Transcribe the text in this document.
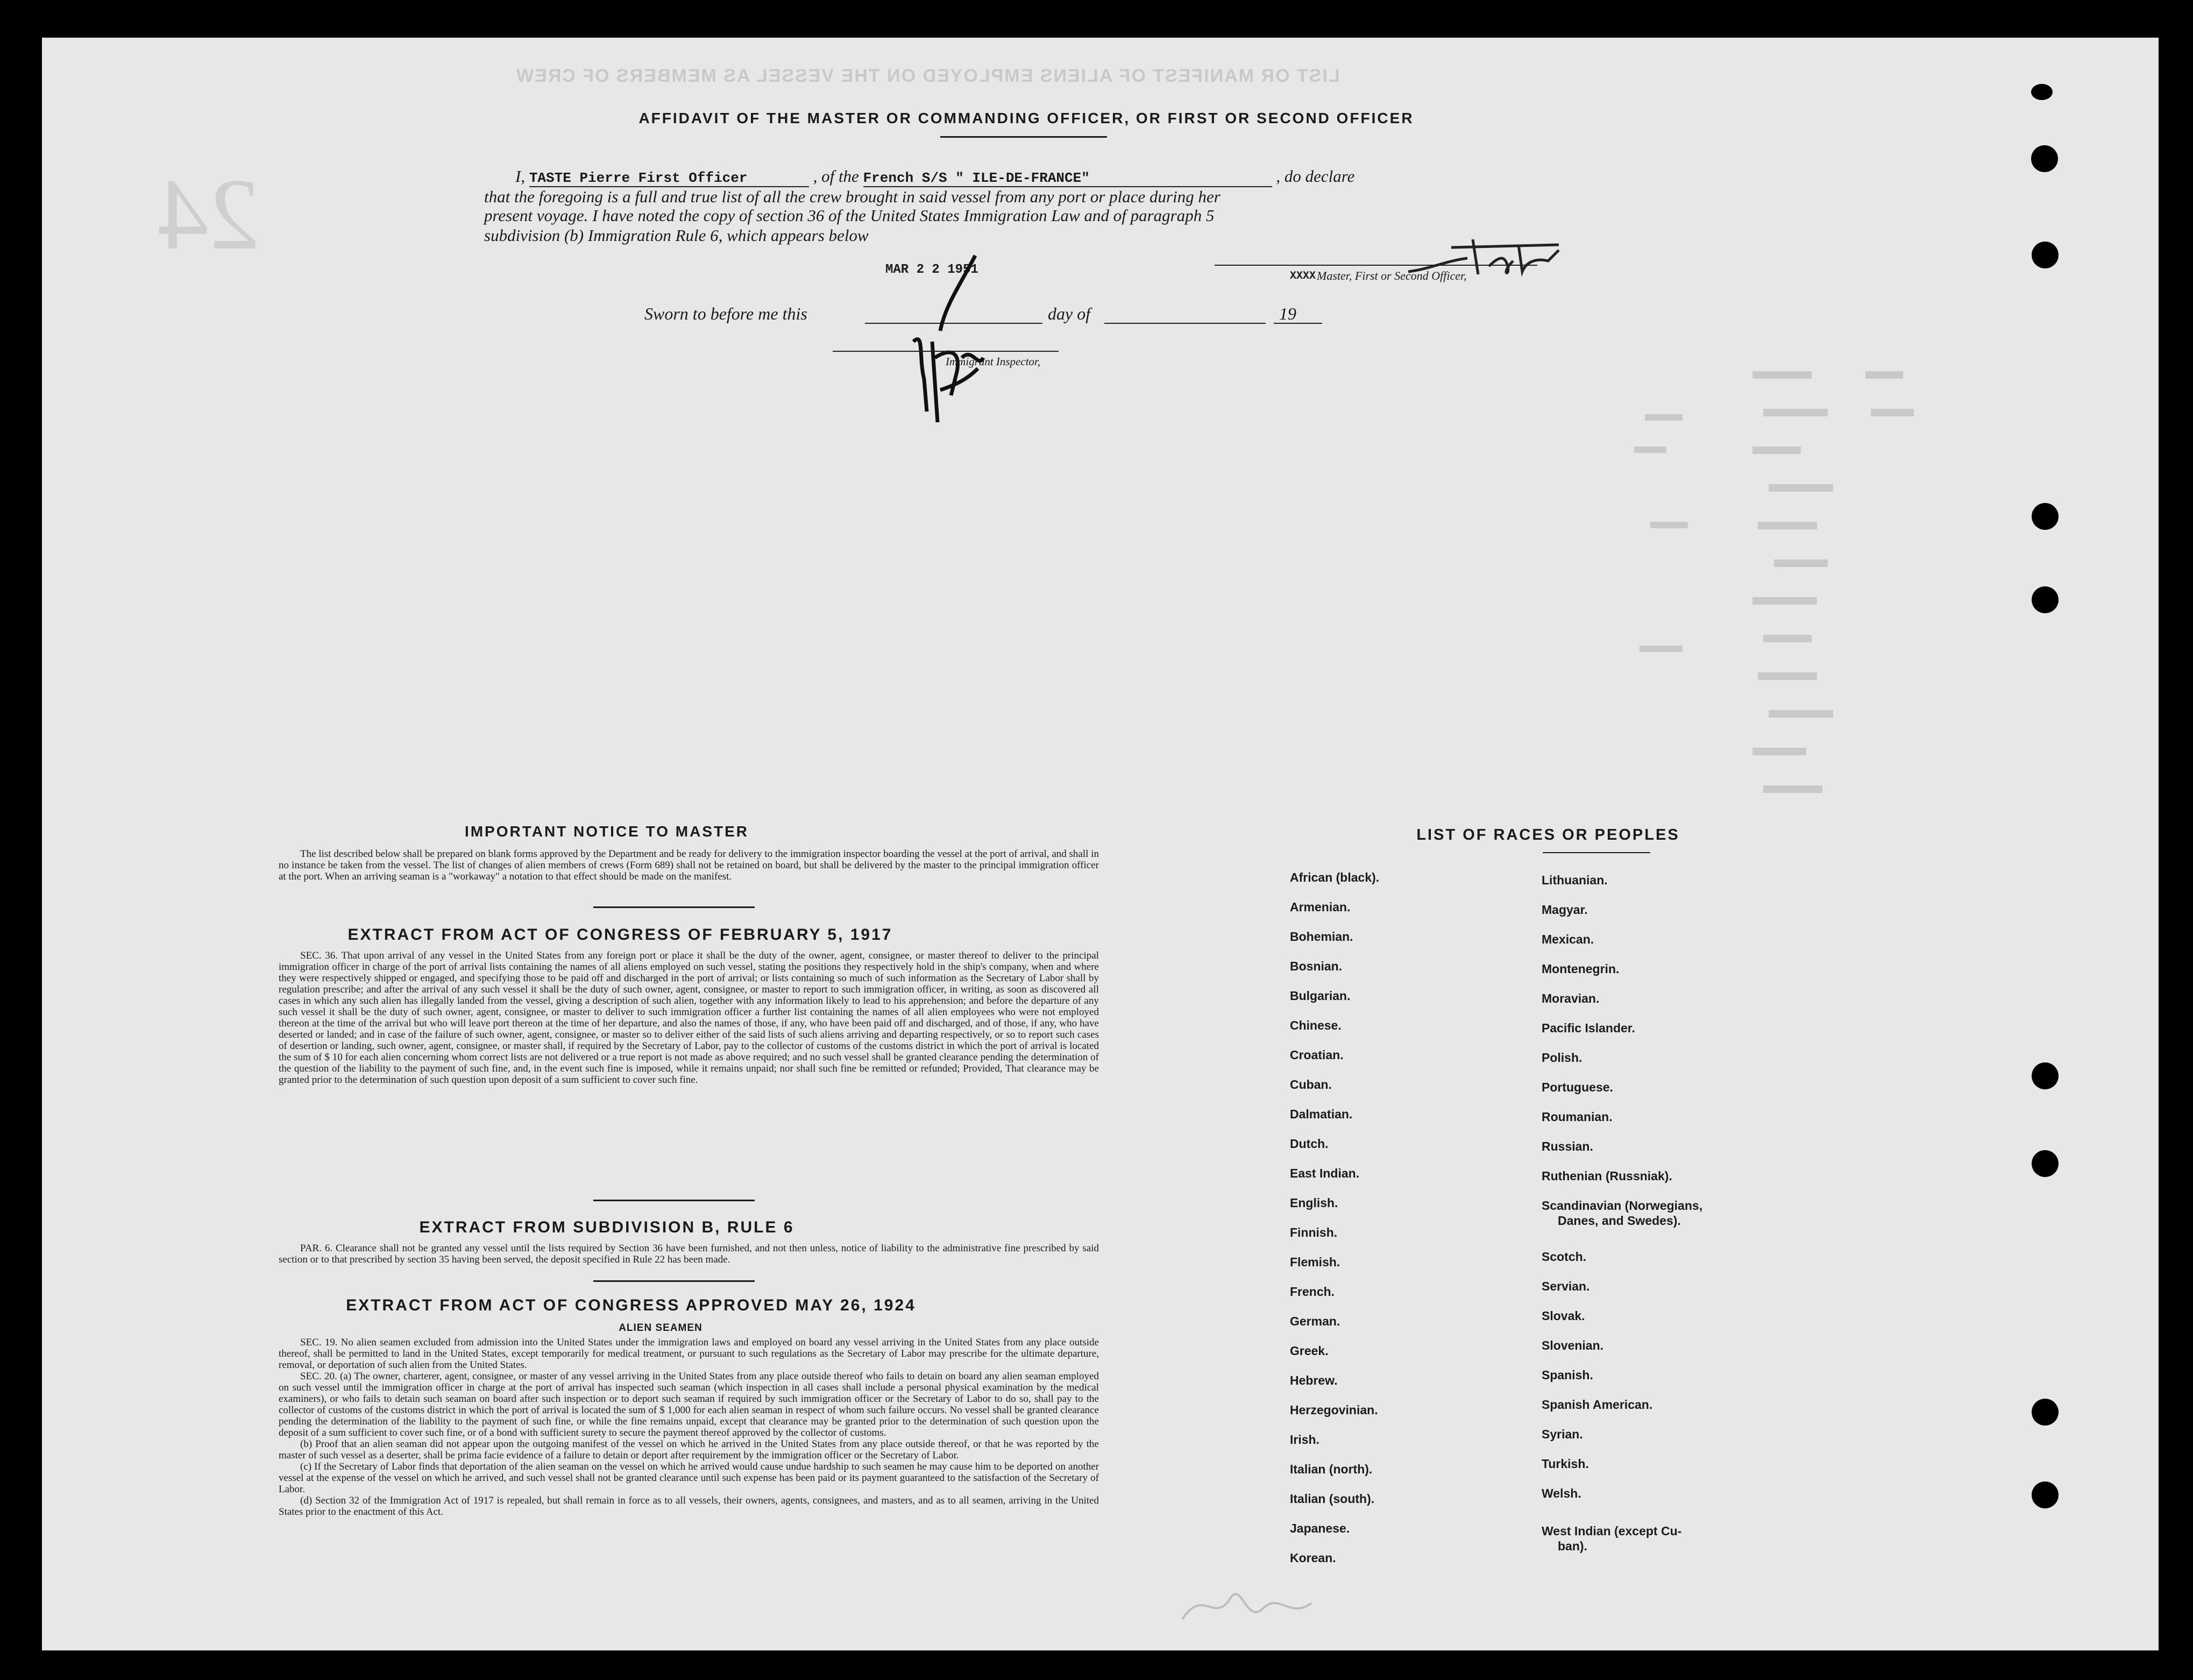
LIST OR MANIFEST OF ALIENS EMPLOYED ON THE VESSEL AS MEMBERS OF CREW
24
AFFIDAVIT OF THE MASTER OR COMMANDING OFFICER, OR FIRST OR SECOND OFFICER
I, TASTE Pierre First Officer	, of the French S/S " ILE-DE-FRANCE"	, do declare
that the foregoing is a full and true list of all the crew brought in said vessel from any port or place during her
present voyage. I have noted the copy of section 36 of the United States Immigration Law and of paragraph 5
subdivision (b) Immigration Rule 6, which appears below
MAR 2 2 1951	Master, First or Second Officer,
XXXX
Sworn to before me this	day of	19
Immigrant Inspector,
IMPORTANT NOTICE TO MASTER

The list described below shall be prepared on blank forms approved by the Department and be ready for delivery to the immigration inspector boarding the vessel at the port of arrival, and shall in no instance be taken from the vessel. The list of changes of alien members of crews (Form 689) shall not be retained on board, but shall be delivered by the master to the principal immigration officer at the port. When an arriving seaman is a "workaway" a notation to that effect should be made on the manifest.

EXTRACT FROM ACT OF CONGRESS OF FEBRUARY 5, 1917

SEC. 36. That upon arrival of any vessel in the United States from any foreign port or place it shall be the duty of the owner, agent, consignee, or master thereof to deliver to the principal immigration officer in charge of the port of arrival lists containing the names of all aliens employed on such vessel, stating the positions they respectively hold in the ship's company, when and where they were respectively shipped or engaged, and specifying those to be paid off and discharged in the port of arrival; or lists containing so much of such information as the Secretary of Labor shall by regulation prescribe; and after the arrival of any such vessel it shall be the duty of such owner, agent, consignee, or master to report to such immigration officer, in writing, as soon as discovered all cases in which any such alien has illegally landed from the vessel, giving a description of such alien, together with any information likely to lead to his apprehension; and before the departure of any such vessel it shall be the duty of such owner, agent, consignee, or master to deliver to such immigration officer a further list containing the names of all alien employees who were not employed thereon at the time of the arrival but who will leave port thereon at the time of her departure, and also the names of those, if any, who have been paid off and discharged, and of those, if any, who have deserted or landed; and in case of the failure of such owner, agent, consignee, or master so to deliver either of the said lists of such aliens arriving and departing respectively, or so to report such cases of desertion or landing, such owner, agent, consignee, or master shall, if required by the Secretary of Labor, pay to the collector of customs of the customs district in which the port of arrival is located the sum of $ 10 for each alien concerning whom correct lists are not delivered or a true report is not made as above required; and no such vessel shall be granted clearance pending the determination of the question of the liability to the payment of such fine, and, in the event such fine is imposed, while it remains unpaid; nor shall such fine be remitted or refunded; Provided, That clearance may be granted prior to the determination of such question upon deposit of a sum sufficient to cover such fine.

EXTRACT FROM SUBDIVISION B, RULE 6

PAR. 6. Clearance shall not be granted any vessel until the lists required by Section 36 have been furnished, and not then unless, notice of liability to the administrative fine prescribed by said section or to that prescribed by section 35 having been served, the deposit specified in Rule 22 has been made.

EXTRACT FROM ACT OF CONGRESS APPROVED MAY 26, 1924
ALIEN SEAMEN

SEC. 19. No alien seamen excluded from admission into the United States under the immigration laws and employed on board any vessel arriving in the United States from any place outside thereof, shall be permitted to land in the United States, except temporarily for medical treatment, or pursuant to such regulations as the Secretary of Labor may prescribe for the ultimate departure, removal, or deportation of such alien from the United States.

SEC. 20. (a) The owner, charterer, agent, consignee, or master of any vessel arriving in the United States from any place outside thereof who fails to detain on board any alien seaman employed on such vessel until the immigration officer in charge at the port of arrival has inspected such seaman (which inspection in all cases shall include a personal physical examination by the medical examiners), or who fails to detain such seaman on board after such inspection or to deport such seaman if required by such immigration officer or the Secretary of Labor to do so, shall pay to the collector of customs of the customs district in which the port of arrival is located the sum of $ 1,000 for each alien seaman in respect of whom such failure occurs. No vessel shall be granted clearance pending the determination of the liability to the payment of such fine, or while the fine remains unpaid, except that clearance may be granted prior to the determination of such question upon the deposit of a sum sufficient to cover such fine, or of a bond with sufficient surety to secure the payment thereof approved by the collector of customs.

(b) Proof that an alien seaman did not appear upon the outgoing manifest of the vessel on which he arrived in the United States from any place outside thereof, or that he was reported by the master of such vessel as a deserter, shall be prima facie evidence of a failure to detain or deport after requirement by the immigration officer or the Secretary of Labor.

(c) If the Secretary of Labor finds that deportation of the alien seaman on the vessel on which he arrived would cause undue hardship to such seamen he may cause him to be deported on another vessel at the expense of the vessel on which he arrived, and such vessel shall not be granted clearance until such expense has been paid or its payment guaranteed to the satisfaction of the Secretary of Labor.

(d) Section 32 of the Immigration Act of 1917 is repealed, but shall remain in force as to all vessels, their owners, agents, consignees, and masters, and as to all seamen, arriving in the United States prior to the enactment of this Act.

LIST OF RACES OR PEOPLES
African (black).
Armenian.
Bohemian.
Bosnian.
Bulgarian.
Chinese.
Croatian.
Cuban.
Dalmatian.
Dutch.
East Indian.
English.
Finnish.
Flemish.
French.
German.
Greek.
Hebrew.
Herzegovinian.
Irish.
Italian (north).
Italian (south).
Japanese.
Korean.
Lithuanian.
Magyar.
Mexican.
Montenegrin.
Moravian.
Pacific Islander.
Polish.
Portuguese.
Roumanian.
Russian.
Ruthenian (Russniak).
Scandinavian (Norwegians,
Danes, and Swedes).
Scotch.
Servian.
Slovak.
Slovenian.
Spanish.
Spanish American.
Syrian.
Turkish.
Welsh.
West Indian (except Cu-
ban).
